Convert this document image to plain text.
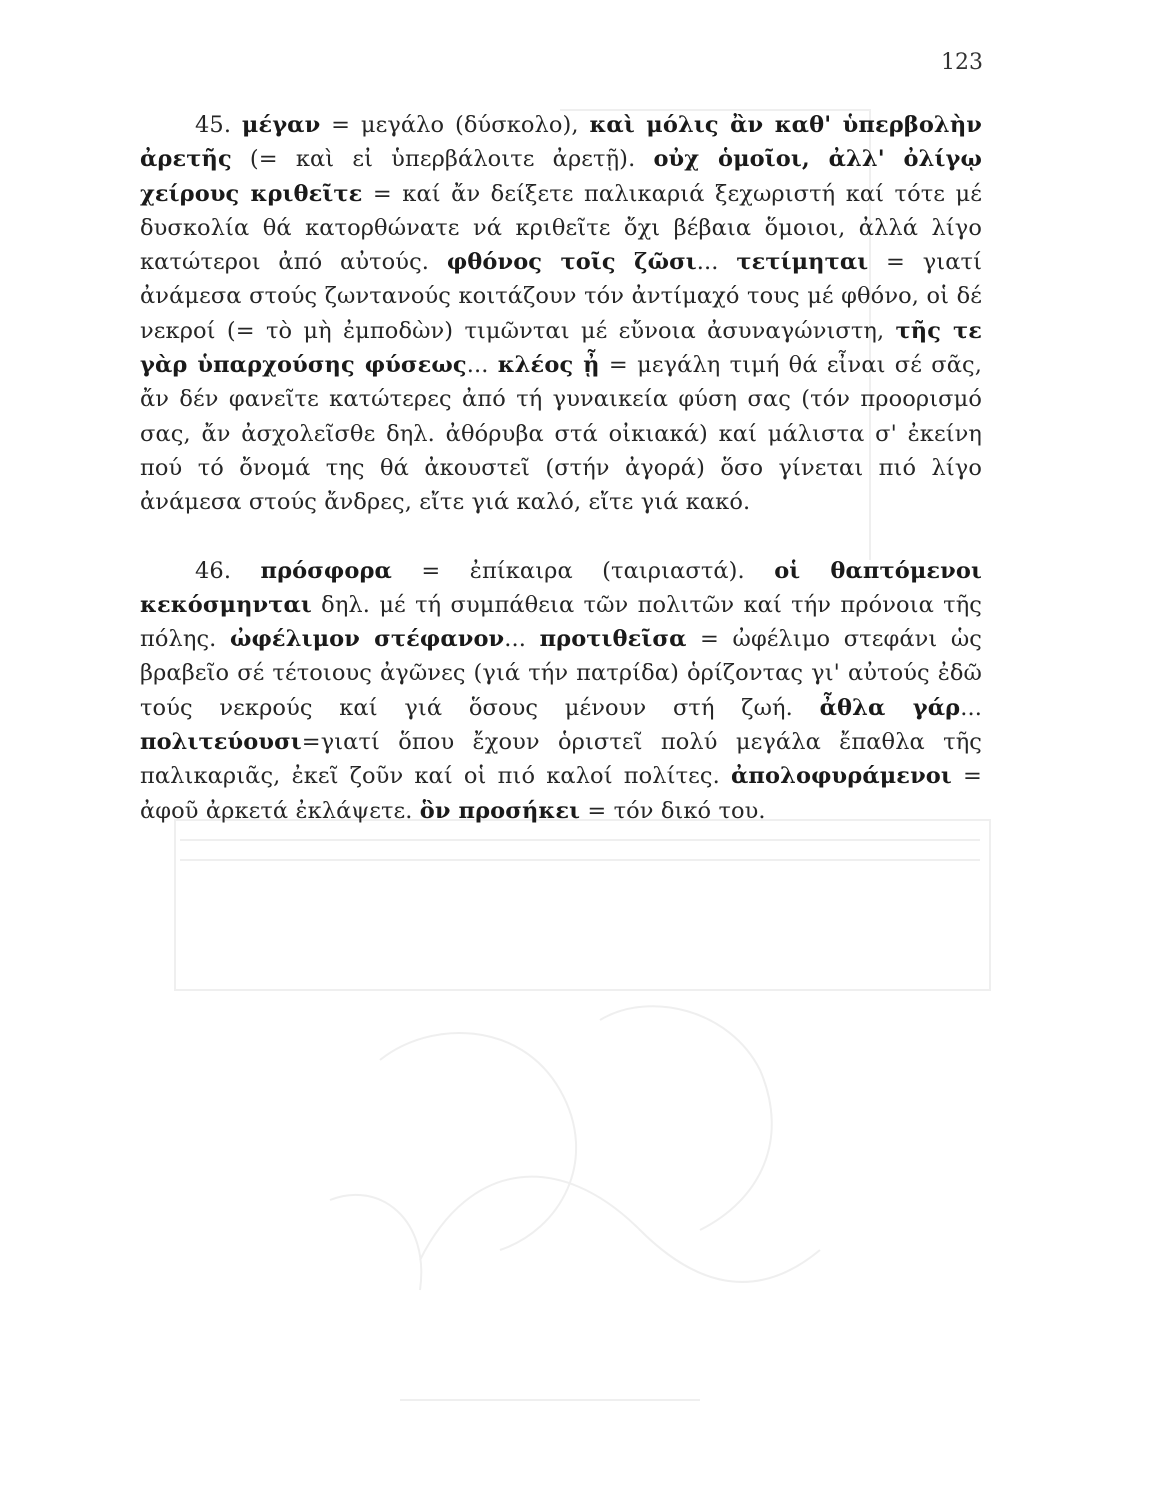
123

45. μέγαν = μεγάλο (δύσκολο), καὶ μόλις ἂν καθ' ὑπερβολὴν ἀρετῆς (= καὶ εἰ ὑπερβάλοιτε ἀρετῇ). οὐχ ὁμοῖοι, ἀλλ' ὀλίγῳ χείρους κριθεῖτε = καί ἄν δείξετε παλικαριά ξεχωριστή καί τότε μέ δυσκολία θά κατορθώνατε νά κριθεῖτε ὄχι βέβαια ὅμοιοι, ἀλλά λίγο κατώτεροι ἀπό αὐτούς. φθόνος τοῖς ζῶσι... τετίμηται = γιατί ἀνάμεσα στούς ζωντανούς κοιτάζουν τόν ἀντίμαχό τους μέ φθόνο, οἱ δέ νεκροί (= τὸ μὴ ἐμποδὼν) τιμῶνται μέ εὔνοια ἀσυναγώνιστη, τῆς τε γὰρ ὑπαρχούσης φύσεως... κλέος ᾖ = μεγάλη τιμή θά εἶναι σέ σᾶς, ἄν δέν φανεῖτε κατώτερες ἀπό τή γυναικεία φύση σας (τόν προορισμό σας, ἄν ἀσχολεῖσθε δηλ. ἀθόρυβα στά οἰκιακά) καί μάλιστα σ' ἐκείνη πού τό ὄνομά της θά ἀκουστεῖ (στήν ἀγορά) ὅσο γίνεται πιό λίγο ἀνάμεσα στούς ἄνδρες, εἴτε γιά καλό, εἴτε γιά κακό.

46. πρόσφορα = ἐπίκαιρα (ταιριαστά). οἱ θαπτόμενοι κεκόσμηνται δηλ. μέ τή συμπάθεια τῶν πολιτῶν καί τήν πρόνοια τῆς πόλης. ὠφέλιμον στέφανον... προτιθεῖσα = ὠφέλιμο στεφάνι ὡς βραβεῖο σέ τέτοιους ἀγῶνες (γιά τήν πατρίδα) ὁρίζοντας γι' αὐτούς ἐδῶ τούς νεκρούς καί γιά ὅσους μένουν στή ζωή. ἆθλα γάρ... πολιτεύουσι=γιατί ὅπου ἔχουν ὁριστεῖ πολύ μεγάλα ἔπαθλα τῆς παλικαριᾶς, ἐκεῖ ζοῦν καί οἱ πιό καλοί πολίτες. ἀπολοφυράμενοι = ἀφοῦ ἀρκετά ἐκλάψετε. ὃν προσήκει = τόν δικό του.
